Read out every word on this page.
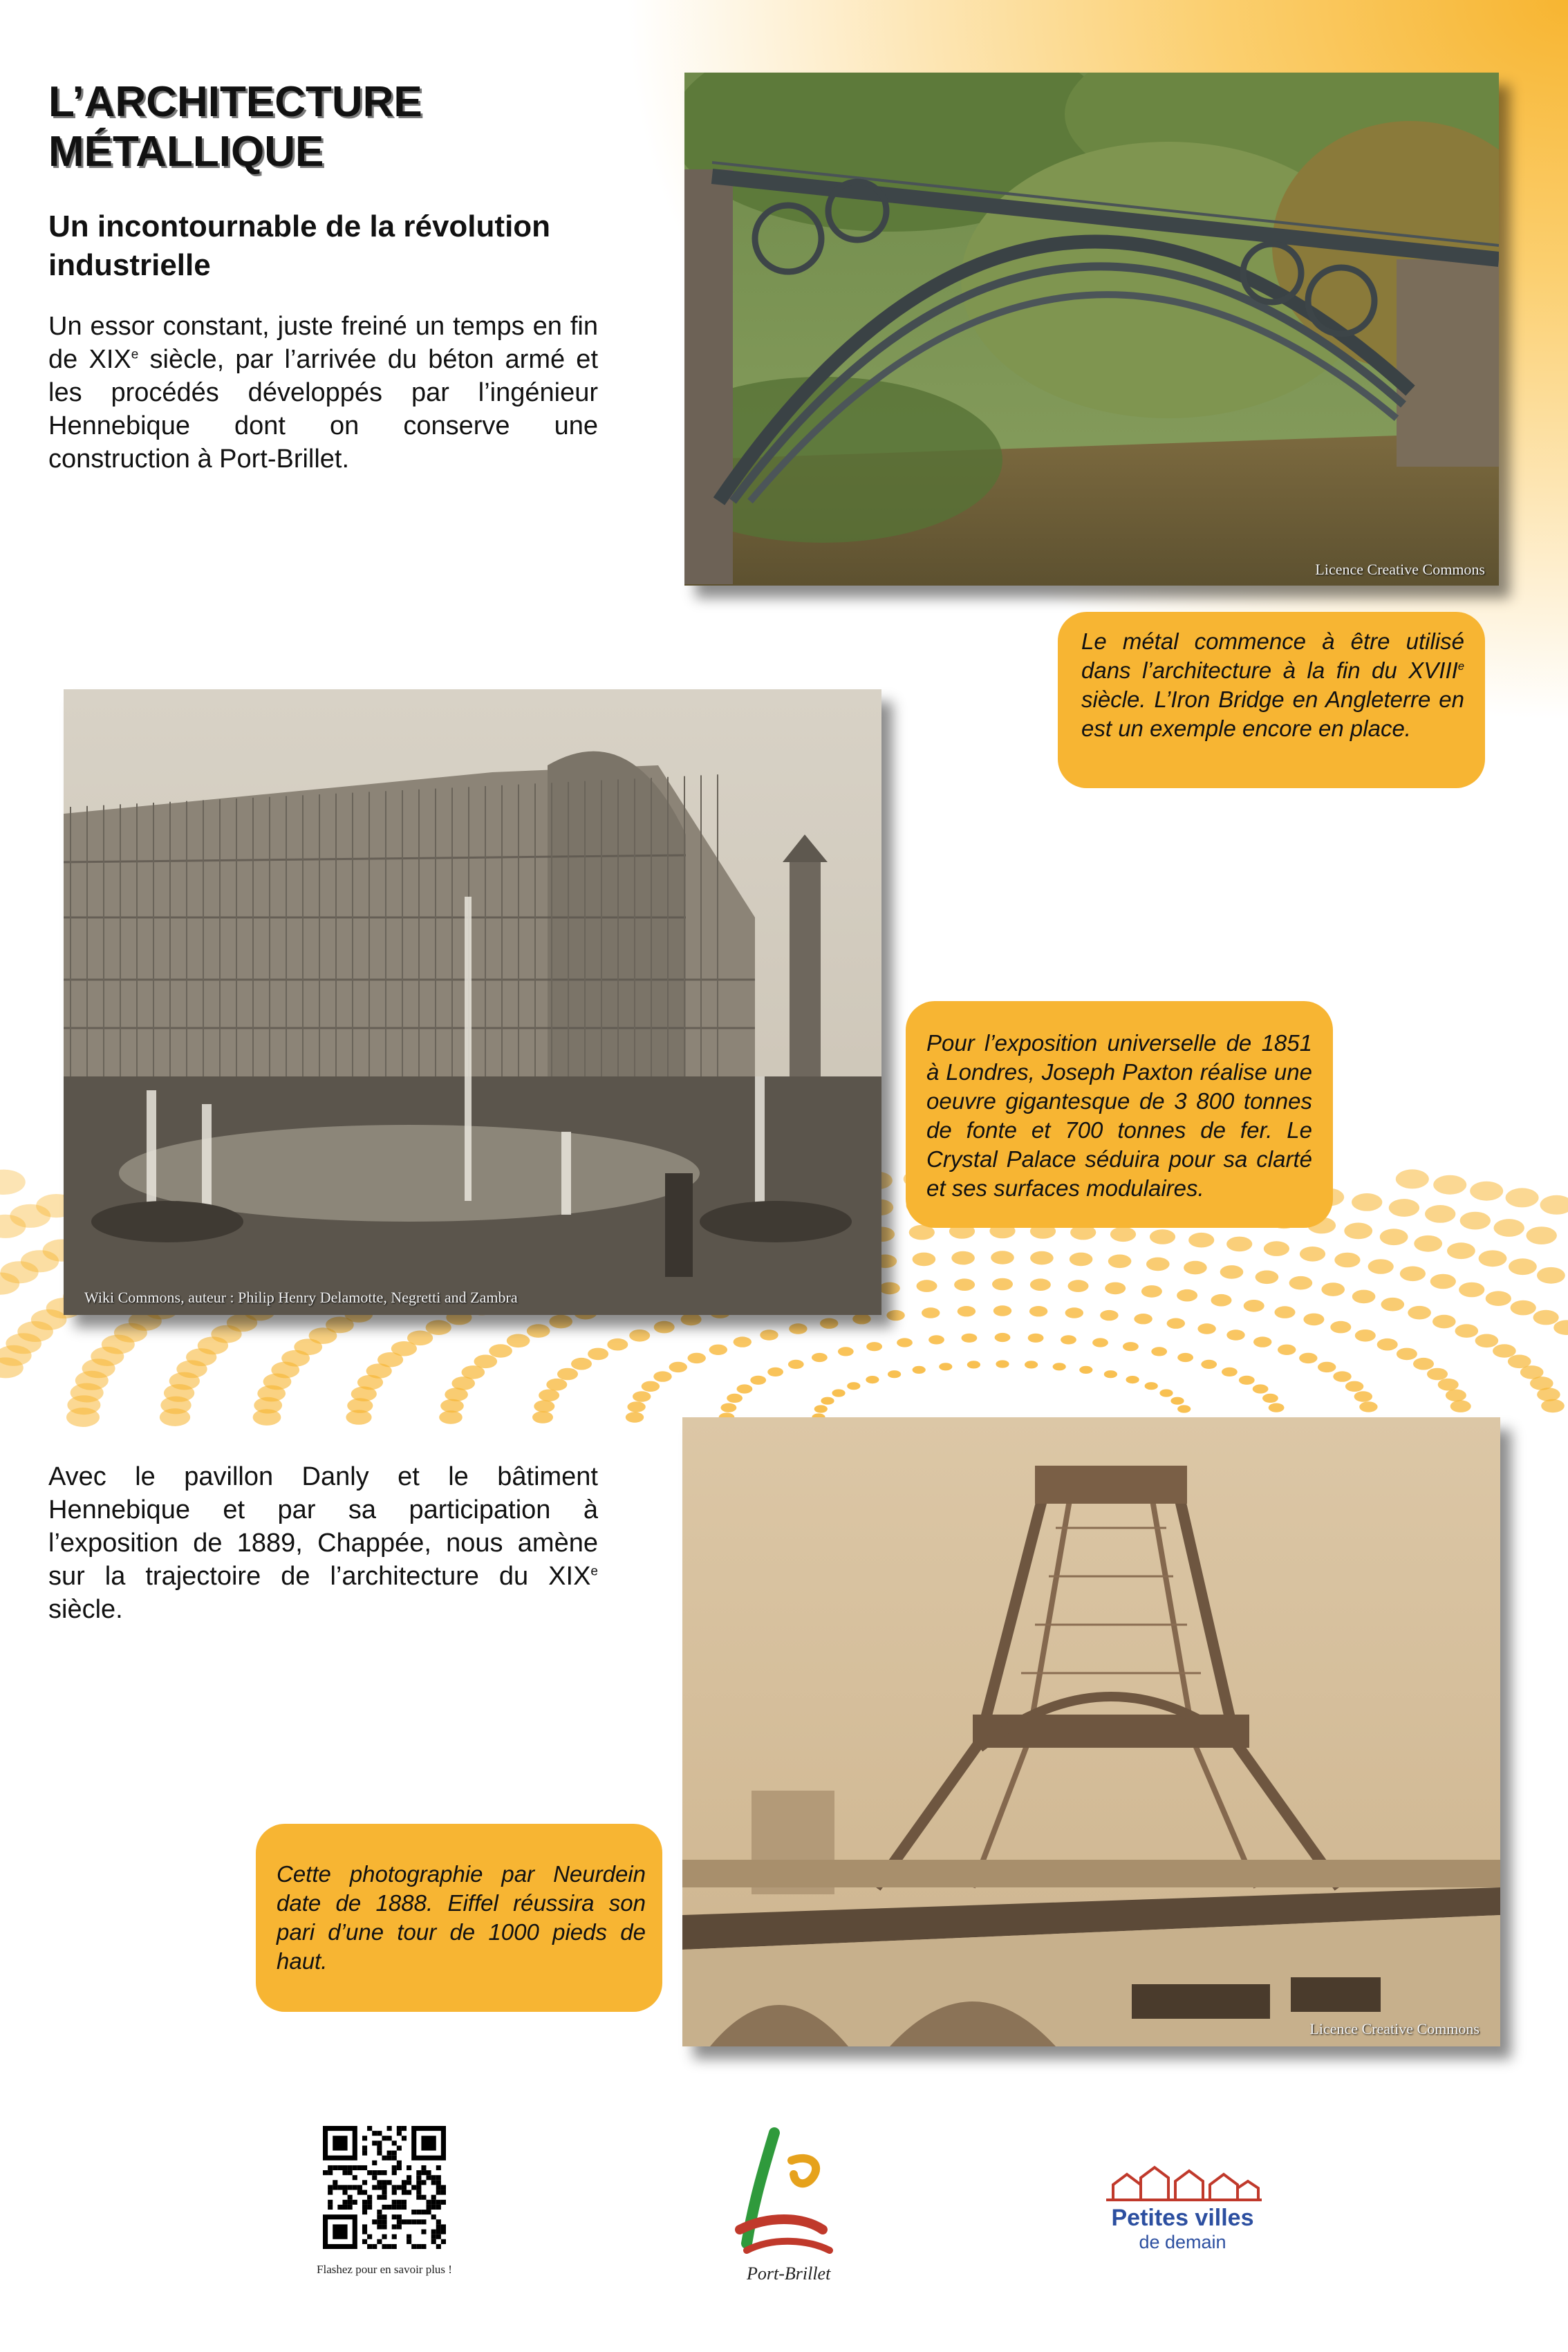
L’ARCHITECTURE
MÉTALLIQUE
Un incontournable de la révolution industrielle
Un essor constant, juste freiné un temps en fin de XIXe siècle, par l’arrivée du béton armé et les procédés développés par l’ingénieur Hennebique dont on conserve une construction à Port-Brillet.
Licence Creative Commons
Le métal commence à être utilisé dans l’architecture à la fin du XVIIIe siècle. L’Iron Bridge en Angleterre en est un exemple encore en place.
Wiki Commons, auteur : Philip Henry Delamotte, Negretti and Zambra
Pour l’exposition universelle de 1851 à Londres, Joseph Paxton réalise une oeuvre gigantesque de 3 800 tonnes de fonte et 700 tonnes de fer. Le Crystal Palace séduira pour sa clarté et ses surfaces modulaires.
Avec le pavillon Danly et le bâtiment Hennebique et par sa participation à l’exposition de 1889, Chappée, nous amène sur la trajectoire de l’architecture du XIXe siècle.
Licence Creative Commons
Cette photographie par Neurdein date de 1888. Eiffel réussira son pari d’une tour de 1000 pieds de haut.
Flashez pour en savoir plus !	Port-Brillet
Petites villes
de demain
